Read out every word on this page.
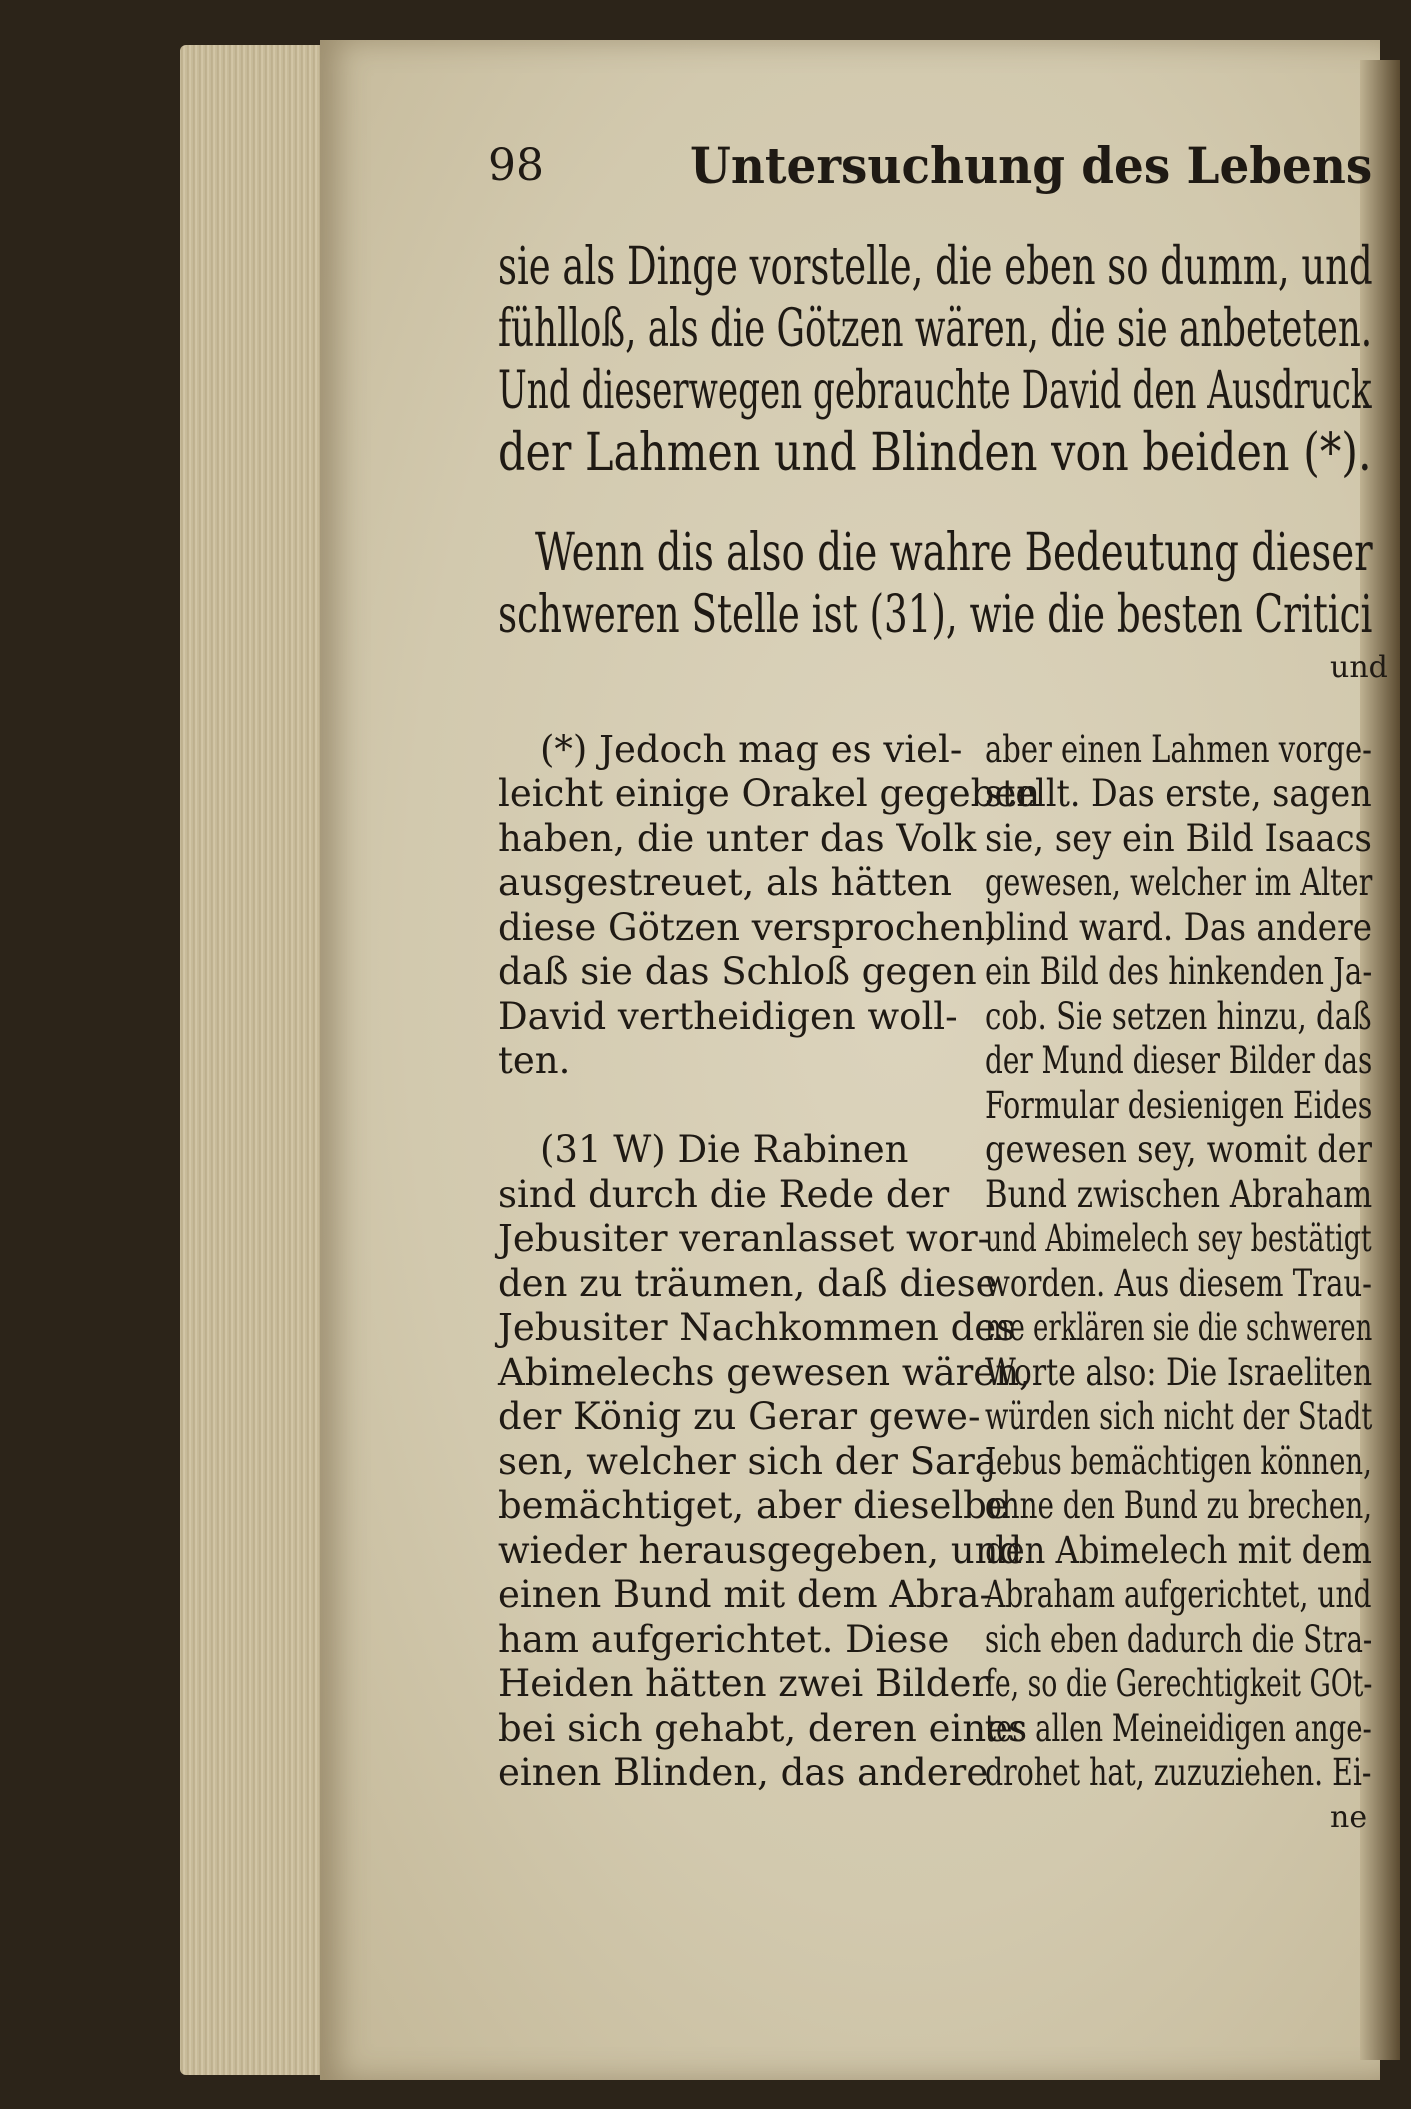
98	Untersuchung des Lebens
sie als Dinge vorstelle, die eben so dumm, und
fühlloß, als die Götzen wären, die sie anbeteten.
Und dieserwegen gebrauchte David den Ausdruck
der Lahmen und Blinden von beiden (*).
Wenn dis also die wahre Bedeutung dieser
schweren Stelle ist (31), wie die besten Critici
und
(*) Jedoch mag es viel-
leicht einige Orakel gegeben
haben, die unter das Volk
ausgestreuet, als hätten
diese Götzen versprochen,
daß sie das Schloß gegen
David vertheidigen woll-
ten.
(31 W) Die Rabinen
sind durch die Rede der
Jebusiter veranlasset wor-
den zu träumen, daß diese
Jebusiter Nachkommen des
Abimelechs gewesen wären,
der König zu Gerar gewe-
sen, welcher sich der Sara
bemächtiget, aber dieselbe
wieder herausgegeben, und
einen Bund mit dem Abra-
ham aufgerichtet. Diese
Heiden hätten zwei Bilder
bei sich gehabt, deren eines
einen Blinden, das andere
aber einen Lahmen vorge-
stellt. Das erste, sagen
sie, sey ein Bild Isaacs
gewesen, welcher im Alter
blind ward. Das andere
ein Bild des hinkenden Ja-
cob. Sie setzen hinzu, daß
der Mund dieser Bilder das
Formular desienigen Eides
gewesen sey, womit der
Bund zwischen Abraham
und Abimelech sey bestätigt
worden. Aus diesem Trau-
me erklären sie die schweren
Worte also: Die Israeliten
würden sich nicht der Stadt
Jebus bemächtigen können,
ohne den Bund zu brechen,
den Abimelech mit dem
Abraham aufgerichtet, und
sich eben dadurch die Stra-
fe, so die Gerechtigkeit GOt-
tes allen Meineidigen ange-
drohet hat, zuzuziehen. Ei-
ne
